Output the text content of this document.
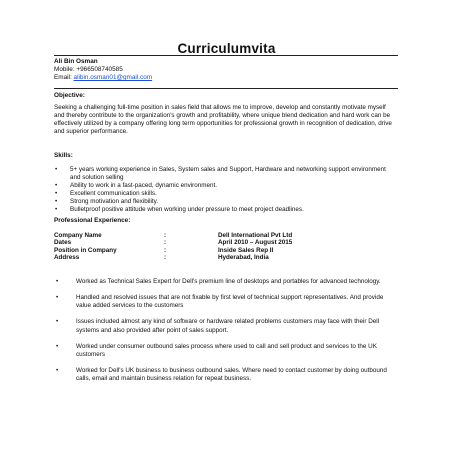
Curriculumvita
Ali Bin Osman
Mobile: +966508740585
Email: alibin.osman01@gmail.com
Objective:
Seeking a challenging full-time position in sales field that allows me to improve, develop and constantly motivate myself and thereby contribute to the organization's growth and profitability, where unique blend dedication and hard work can be effectively utilized by a company offering long term opportunities for professional growth in recognition of dedication, drive and superior performance.
Skills:
• 5+ years working experience in Sales, System sales and Support, Hardware and networking support environment and solution selling
• Ability to work in a fast-paced, dynamic environment.
• Excellent communication skills.
• Strong motivation and flexibility.
• Bulletproof positive attitude when working under pressure to meet project deadlines.
Professional Experience:
Company Name	:	Dell International Pvt Ltd
Dates	:	April 2010 – August 2015
Position in Company	:	Inside Sales Rep II
Address	:	Hyderabad, India
•	Worked as Technical Sales Expert for Dell's premium line of desktops and portables for advanced technology.
•	Handled and resolved issues that are not fixable by first level of technical support representatives. And provide value added services to the customers
•	Issues included almost any kind of software or hardware related problems customers may face with their Dell systems and also provided after point of sales support.
•	Worked under consumer outbound sales process where used to call and sell product and services to the UK customers
•	Worked for Dell's UK business to business outbound sales. Where need to contact customer by doing outbound calls, email and maintain business relation for repeat business.
